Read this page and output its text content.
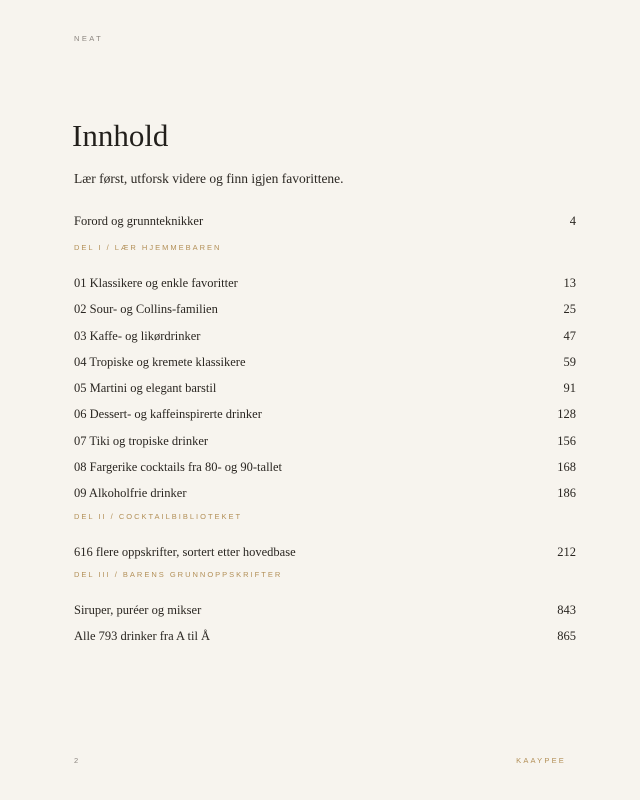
NEAT
Innhold

Lær først, utforsk videre og finn igjen favorittene.

Forord og grunnteknikker	4
DEL I / LÆR HJEMMEBAREN
01 Klassikere og enkle favoritter	13
02 Sour- og Collins-familien	25
03 Kaffe- og likørdrinker	47
04 Tropiske og kremete klassikere	59
05 Martini og elegant barstil	91
06 Dessert- og kaffeinspirerte drinker	128
07 Tiki og tropiske drinker	156
08 Fargerike cocktails fra 80- og 90-tallet	168
09 Alkoholfrie drinker	186
DEL II / COCKTAILBIBLIOTEKET
616 flere oppskrifter, sortert etter hovedbase	212
DEL III / BARENS GRUNNOPPSKRIFTER
Siruper, puréer og mikser	843
Alle 793 drinker fra A til Å	865
2	KAAYPEE
